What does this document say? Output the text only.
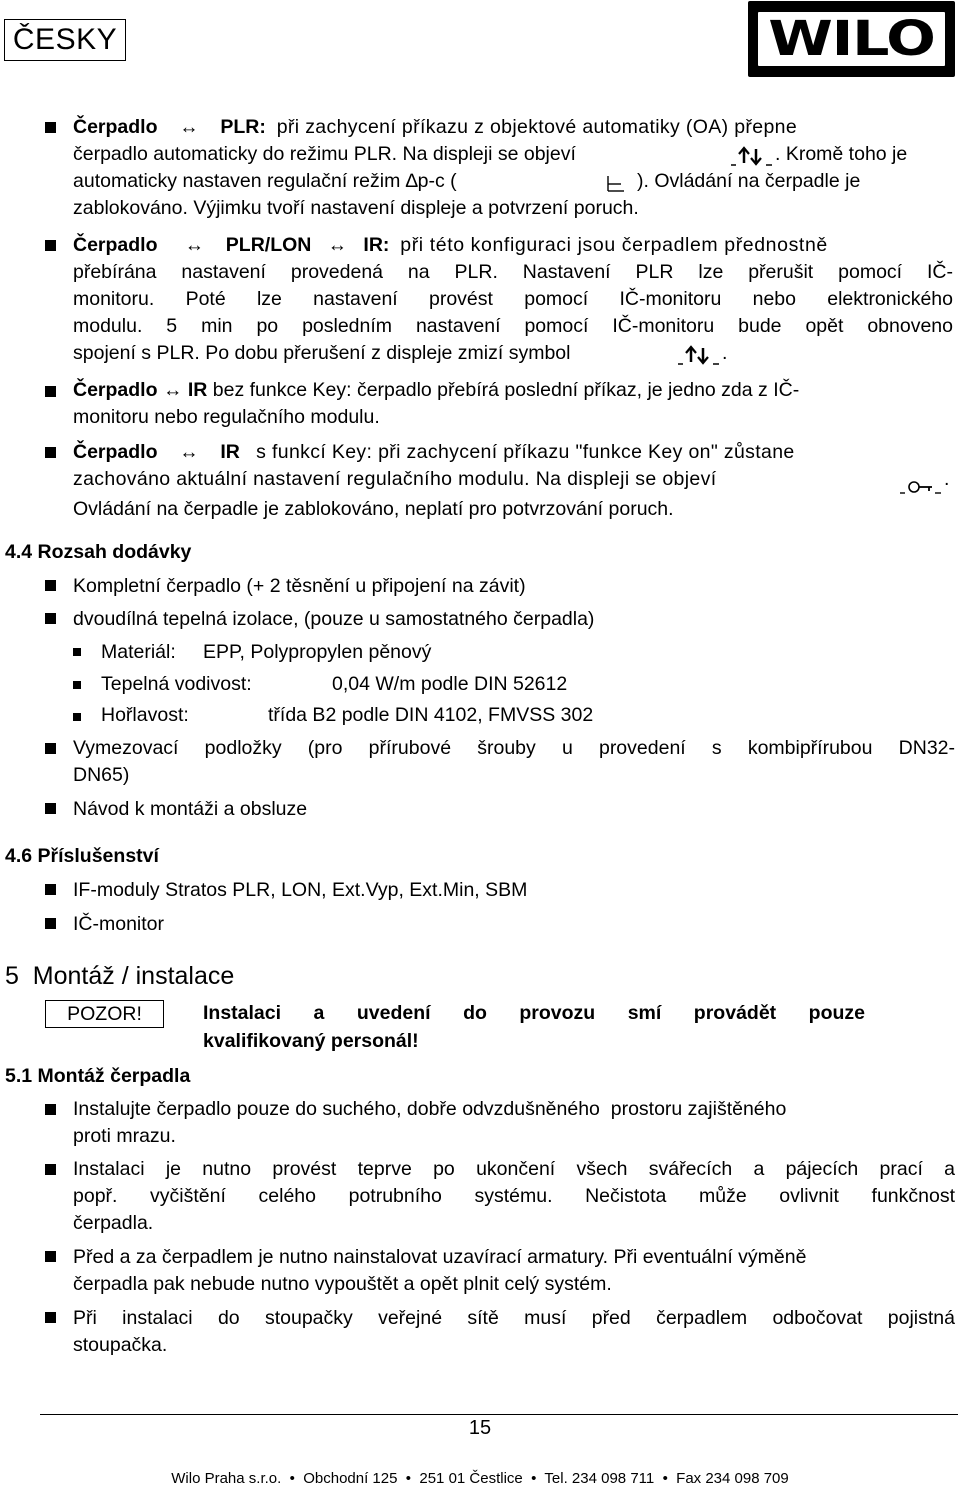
ČESKY	WILO
Čerpadlo ↔ PLR: při zachycení příkazu z objektové automatiky (OA) přepne
čerpadlo automaticky do režimu PLR. Na displeji se objeví	. Kromě toho je
automaticky nastaven regulační režim ∆p-c (	). Ovládání na čerpadle je
zablokováno. Výjimku tvoří nastavení displeje a potvrzení poruch.
Čerpadlo ↔ PLR/LON ↔ IR: při této konfiguraci jsou čerpadlem přednostně
přebírána nastavení provedená na PLR. Nastavení PLR lze přerušit pomocí IČ-
monitoru. Poté lze nastavení provést pomocí IČ-monitoru nebo elektronického
modulu. 5 min po posledním nastavení pomocí IČ-monitoru bude opět obnoveno
spojení s PLR. Po dobu přerušení z displeje zmizí symbol	.
Čerpadlo ↔ IR bez funkce Key: čerpadlo přebírá poslední příkaz, je jedno zda z IČ-
monitoru nebo regulačního modulu.
Čerpadlo ↔ IR s funkcí Key: při zachycení příkazu "funkce Key on" zůstane
zachováno aktuální nastavení regulačního modulu. Na displeji se objeví	.
Ovládání na čerpadle je zablokováno, neplatí pro potvrzování poruch.
4.4 Rozsah dodávky
Kompletní čerpadlo (+ 2 těsnění u připojení na závit)
dvoudílná tepelná izolace, (pouze u samostatného čerpadla)
Materiál: EPP, Polypropylen pěnový
Tepelná vodivost:	0,04 W/m podle DIN 52612
Hořlavost:	třída B2 podle DIN 4102, FMVSS 302
Vymezovací podložky (pro přírubové šrouby u provedení s kombipřírubou DN32-
DN65)
Návod k montáži a obsluze
4.6 Příslušenství
IF-moduly Stratos PLR, LON, Ext.Vyp, Ext.Min, SBM
IČ-monitor
5  Montáž / instalace
POZOR!	Instalaci a uvedení do provozu smí provádět pouze
kvalifikovaný personál!
5.1 Montáž čerpadla
Instalujte čerpadlo pouze do suchého, dobře odvzdušněného  prostoru zajištěného
proti mrazu.
Instalaci je nutno provést teprve po ukončení všech svářecích a pájecích prací a
popř. vyčištění celého potrubního systému. Nečistota může ovlivnit funkčnost
čerpadla.
Před a za čerpadlem je nutno nainstalovat uzavírací armatury. Při eventuální výměně
čerpadla pak nebude nutno vypouštět a opět plnit celý systém.
Při instalaci do stoupačky veřejné sítě musí před čerpadlem odbočovat pojistná
stoupačka.
15
Wilo Praha s.r.o.  •  Obchodní 125  •  251 01 Čestlice  •  Tel. 234 098 711  •  Fax 234 098 709
